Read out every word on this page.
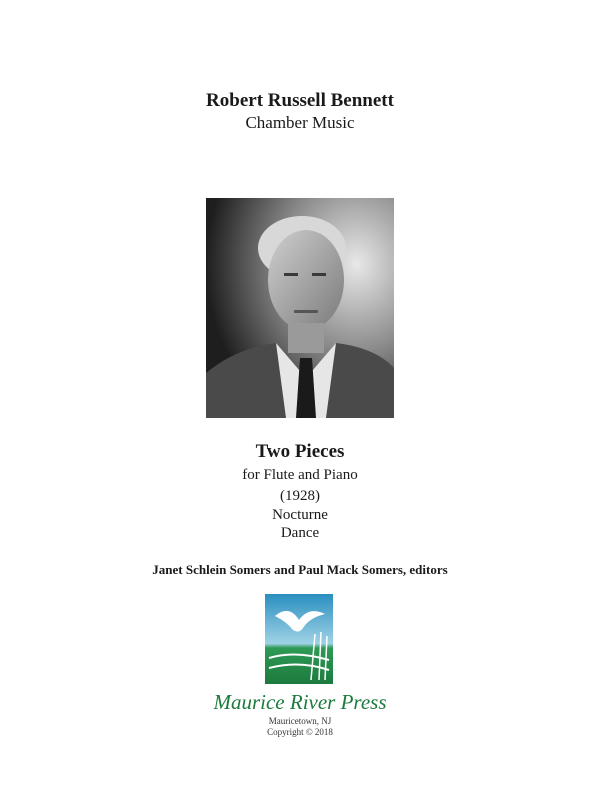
Robert Russell Bennett
Chamber Music
Two Pieces
for Flute and Piano
(1928)
Nocturne
Dance
Janet Schlein Somers and Paul Mack Somers, editors
Maurice River Press
Mauricetown, NJ
Copyright © 2018
